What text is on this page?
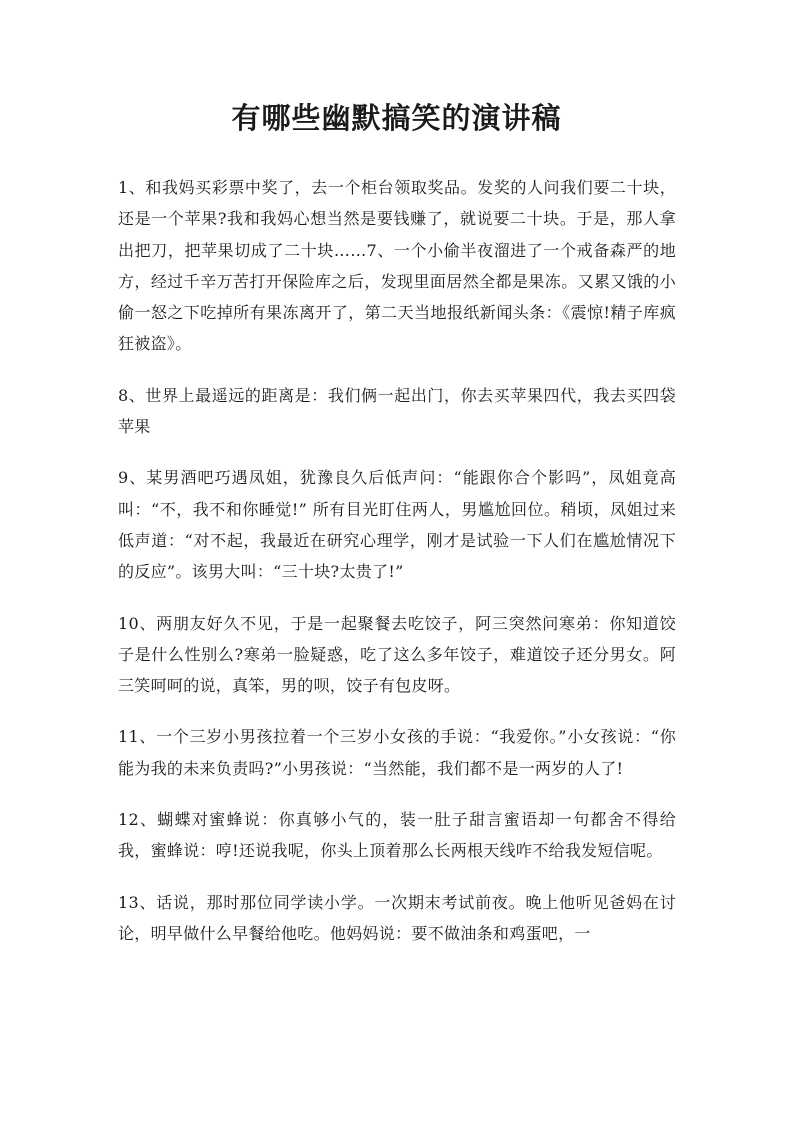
有哪些幽默搞笑的演讲稿

1、和我妈买彩票中奖了，去一个柜台领取奖品。发奖的人问我们要二十块，还是一个苹果?我和我妈心想当然是要钱赚了，就说要二十块。于是，那人拿出把刀，把苹果切成了二十块……7、一个小偷半夜溜进了一个戒备森严的地方，经过千辛万苦打开保险库之后，发现里面居然全都是果冻。又累又饿的小偷一怒之下吃掉所有果冻离开了，第二天当地报纸新闻头条：《震惊!精子库疯狂被盗》。

8、世界上最遥远的距离是：我们俩一起出门，你去买苹果四代，我去买四袋苹果

9、某男酒吧巧遇凤姐，犹豫良久后低声问：“能跟你合个影吗”，凤姐竟高叫：“不，我不和你睡觉!” 所有目光盯住两人，男尴尬回位。稍顷，凤姐过来低声道：“对不起，我最近在研究心理学，刚才是试验一下人们在尴尬情况下的反应”。该男大叫：“三十块?太贵了!”

10、两朋友好久不见，于是一起聚餐去吃饺子，阿三突然问寒弟：你知道饺子是什么性别么?寒弟一脸疑惑，吃了这么多年饺子，难道饺子还分男女。阿三笑呵呵的说，真笨，男的呗，饺子有包皮呀。

11、一个三岁小男孩拉着一个三岁小女孩的手说：“我爱你。”小女孩说：“你能为我的未来负责吗?”小男孩说：“当然能，我们都不是一两岁的人了!

12、蝴蝶对蜜蜂说：你真够小气的，装一肚子甜言蜜语却一句都舍不得给我，蜜蜂说：哼!还说我呢，你头上顶着那么长两根天线咋不给我发短信呢。

13、话说，那时那位同学读小学。一次期末考试前夜。晚上他听见爸妈在讨论，明早做什么早餐给他吃。他妈妈说：要不做油条和鸡蛋吧，一
